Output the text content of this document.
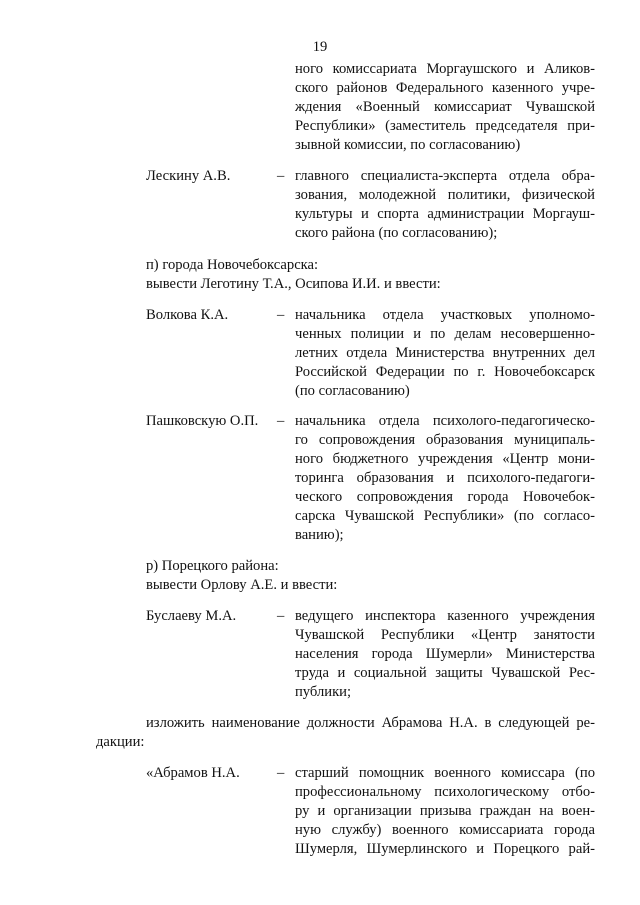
19
ного комиссариата Моргаушского и Аликов-
ского районов Федерального казенного учре-
ждения «Военный комиссариат Чувашской
Республики» (заместитель председателя при-
зывной комиссии, по согласованию)
Лескину А.В.	– главного специалиста-эксперта отдела обра-
зования, молодежной политики, физической
культуры и спорта администрации Моргауш-
ского района (по согласованию);
п) города Новочебоксарска:
вывести Леготину Т.А., Осипова И.И. и ввести:
Волкова К.А.	– начальника отдела участковых уполномо-
ченных полиции и по делам несовершенно-
летних отдела Министерства внутренних дел
Российской Федерации по г. Новочебоксарск
(по согласованию)
Пашковскую О.П. – начальника отдела психолого-педагогическо-
го сопровождения образования муниципаль-
ного бюджетного учреждения «Центр мони-
торинга образования и психолого-педагоги-
ческого сопровождения города Новочебок-
сарска Чувашской Республики» (по согласо-
ванию);
р) Порецкого района:
вывести Орлову А.Е. и ввести:
Буслаеву М.А.	– ведущего инспектора казенного учреждения
Чувашской Республики «Центр занятости
населения города Шумерли» Министерства
труда и социальной защиты Чувашской Рес-
публики;
изложить наименование должности Абрамова Н.А. в следующей ре-
дакции:
«Абрамов Н.А.	– старший помощник военного комиссара (по
профессиональному психологическому отбо-
ру и организации призыва граждан на воен-
ную службу) военного комиссариата города
Шумерля, Шумерлинского и Порецкого рай-
